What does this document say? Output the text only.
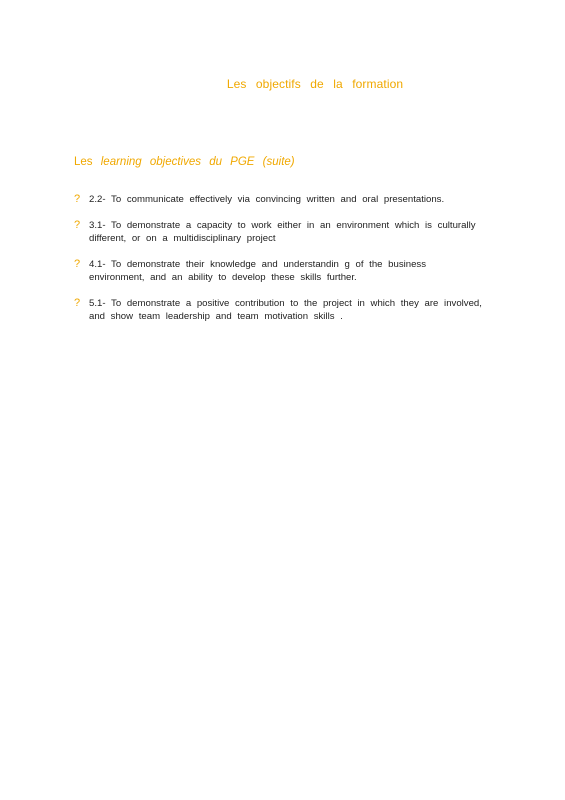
Les objectifs de la formation
Les learning objectives du PGE (suite)
? 2.2- To communicate effectively via convincing written and oral presentations.
? 3.1- To demonstrate a capacity to work either in an environment which is culturally
different, or on a multidisciplinary project
? 4.1- To demonstrate their knowledge and understandin g of the business
environment, and an ability to develop these skills further.
? 5.1- To demonstrate a positive contribution to the project in which they are involved,
and show team leadership and team motivation skills .
